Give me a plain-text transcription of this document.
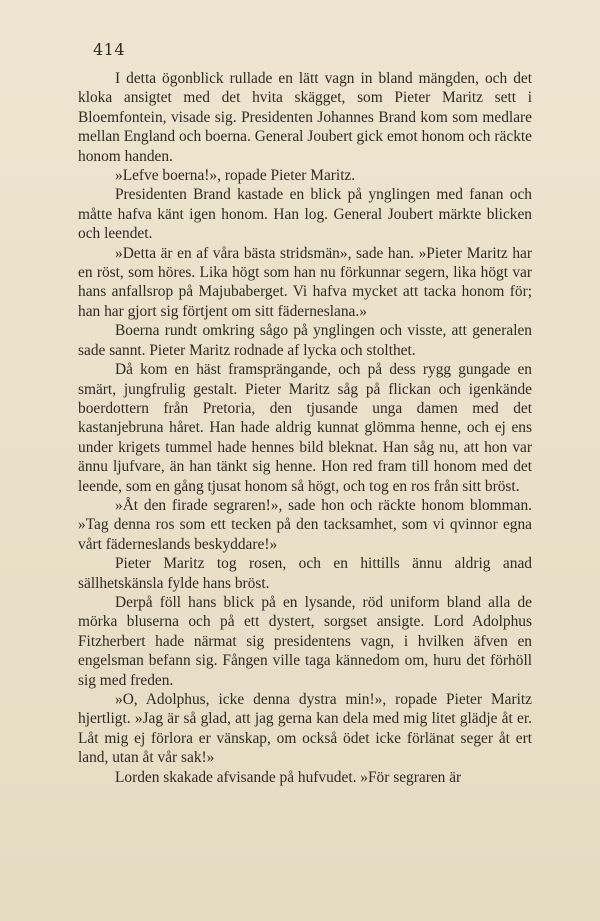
414

I detta ögonblick rullade en lätt vagn in bland mängden, och det kloka ansigtet med det hvita skägget, som Pieter Maritz sett i Bloemfontein, visade sig. Presidenten Johannes Brand kom som medlare mellan England och boerna. General Joubert gick emot honom och räckte honom handen.

»Lefve boerna!», ropade Pieter Maritz.

Presidenten Brand kastade en blick på ynglingen med fanan och måtte hafva känt igen honom. Han log. General Joubert märkte blicken och leendet.

»Detta är en af våra bästa stridsmän», sade han. »Pieter Maritz har en röst, som höres. Lika högt som han nu förkunnar segern, lika högt var hans anfallsrop på Majubaberget. Vi hafva mycket att tacka honom för; han har gjort sig förtjent om sitt fäderneslana.»

Boerna rundt omkring sågo på ynglingen och visste, att generalen sade sannt. Pieter Maritz rodnade af lycka och stolthet.

Då kom en häst framsprängande, och på dess rygg gungade en smärt, jungfrulig gestalt. Pieter Maritz såg på flickan och igenkände boerdottern från Pretoria, den tjusande unga damen med det kastanjebruna håret. Han hade aldrig kunnat glömma henne, och ej ens under krigets tummel hade hennes bild bleknat. Han såg nu, att hon var ännu ljufvare, än han tänkt sig henne. Hon red fram till honom med det leende, som en gång tjusat honom så högt, och tog en ros från sitt bröst.

»Åt den firade segraren!», sade hon och räckte honom blomman. »Tag denna ros som ett tecken på den tacksamhet, som vi qvinnor egna vårt fäderneslands beskyddare!»

Pieter Maritz tog rosen, och en hittills ännu aldrig anad sällhetskänsla fylde hans bröst.

Derpå föll hans blick på en lysande, röd uniform bland alla de mörka bluserna och på ett dystert, sorgset ansigte. Lord Adolphus Fitzherbert hade närmat sig presidentens vagn, i hvilken äfven en engelsman befann sig. Fången ville taga kännedom om, huru det förhöll sig med freden.

»O, Adolphus, icke denna dystra min!», ropade Pieter Maritz hjertligt. »Jag är så glad, att jag gerna kan dela med mig litet glädje åt er. Låt mig ej förlora er vänskap, om också ödet icke förlänat seger åt ert land, utan åt vår sak!»

Lorden skakade afvisande på hufvudet. »För segraren är
